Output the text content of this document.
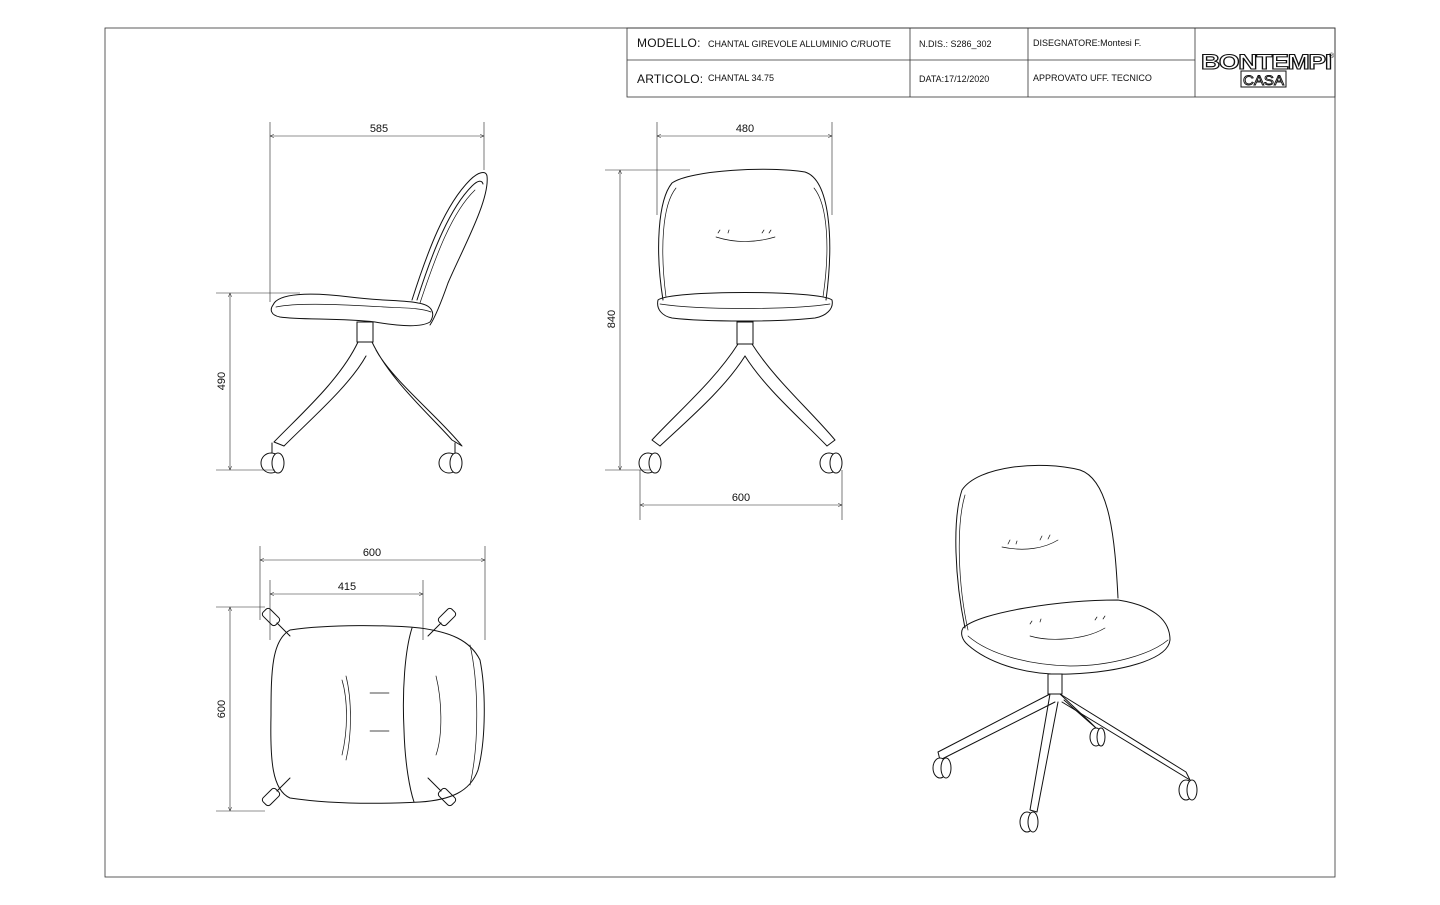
BONTEMPI
CASA
®
585
490
480
840
600
600
415
600
MODELLO: CHANTAL GIREVOLE ALLUMINIO C/RUOTE
ARTICOLO: CHANTAL 34.75
N.DIS.: S286_302
DATA:17/12/2020
DISEGNATORE:Montesi F.
APPROVATO UFF. TECNICO
